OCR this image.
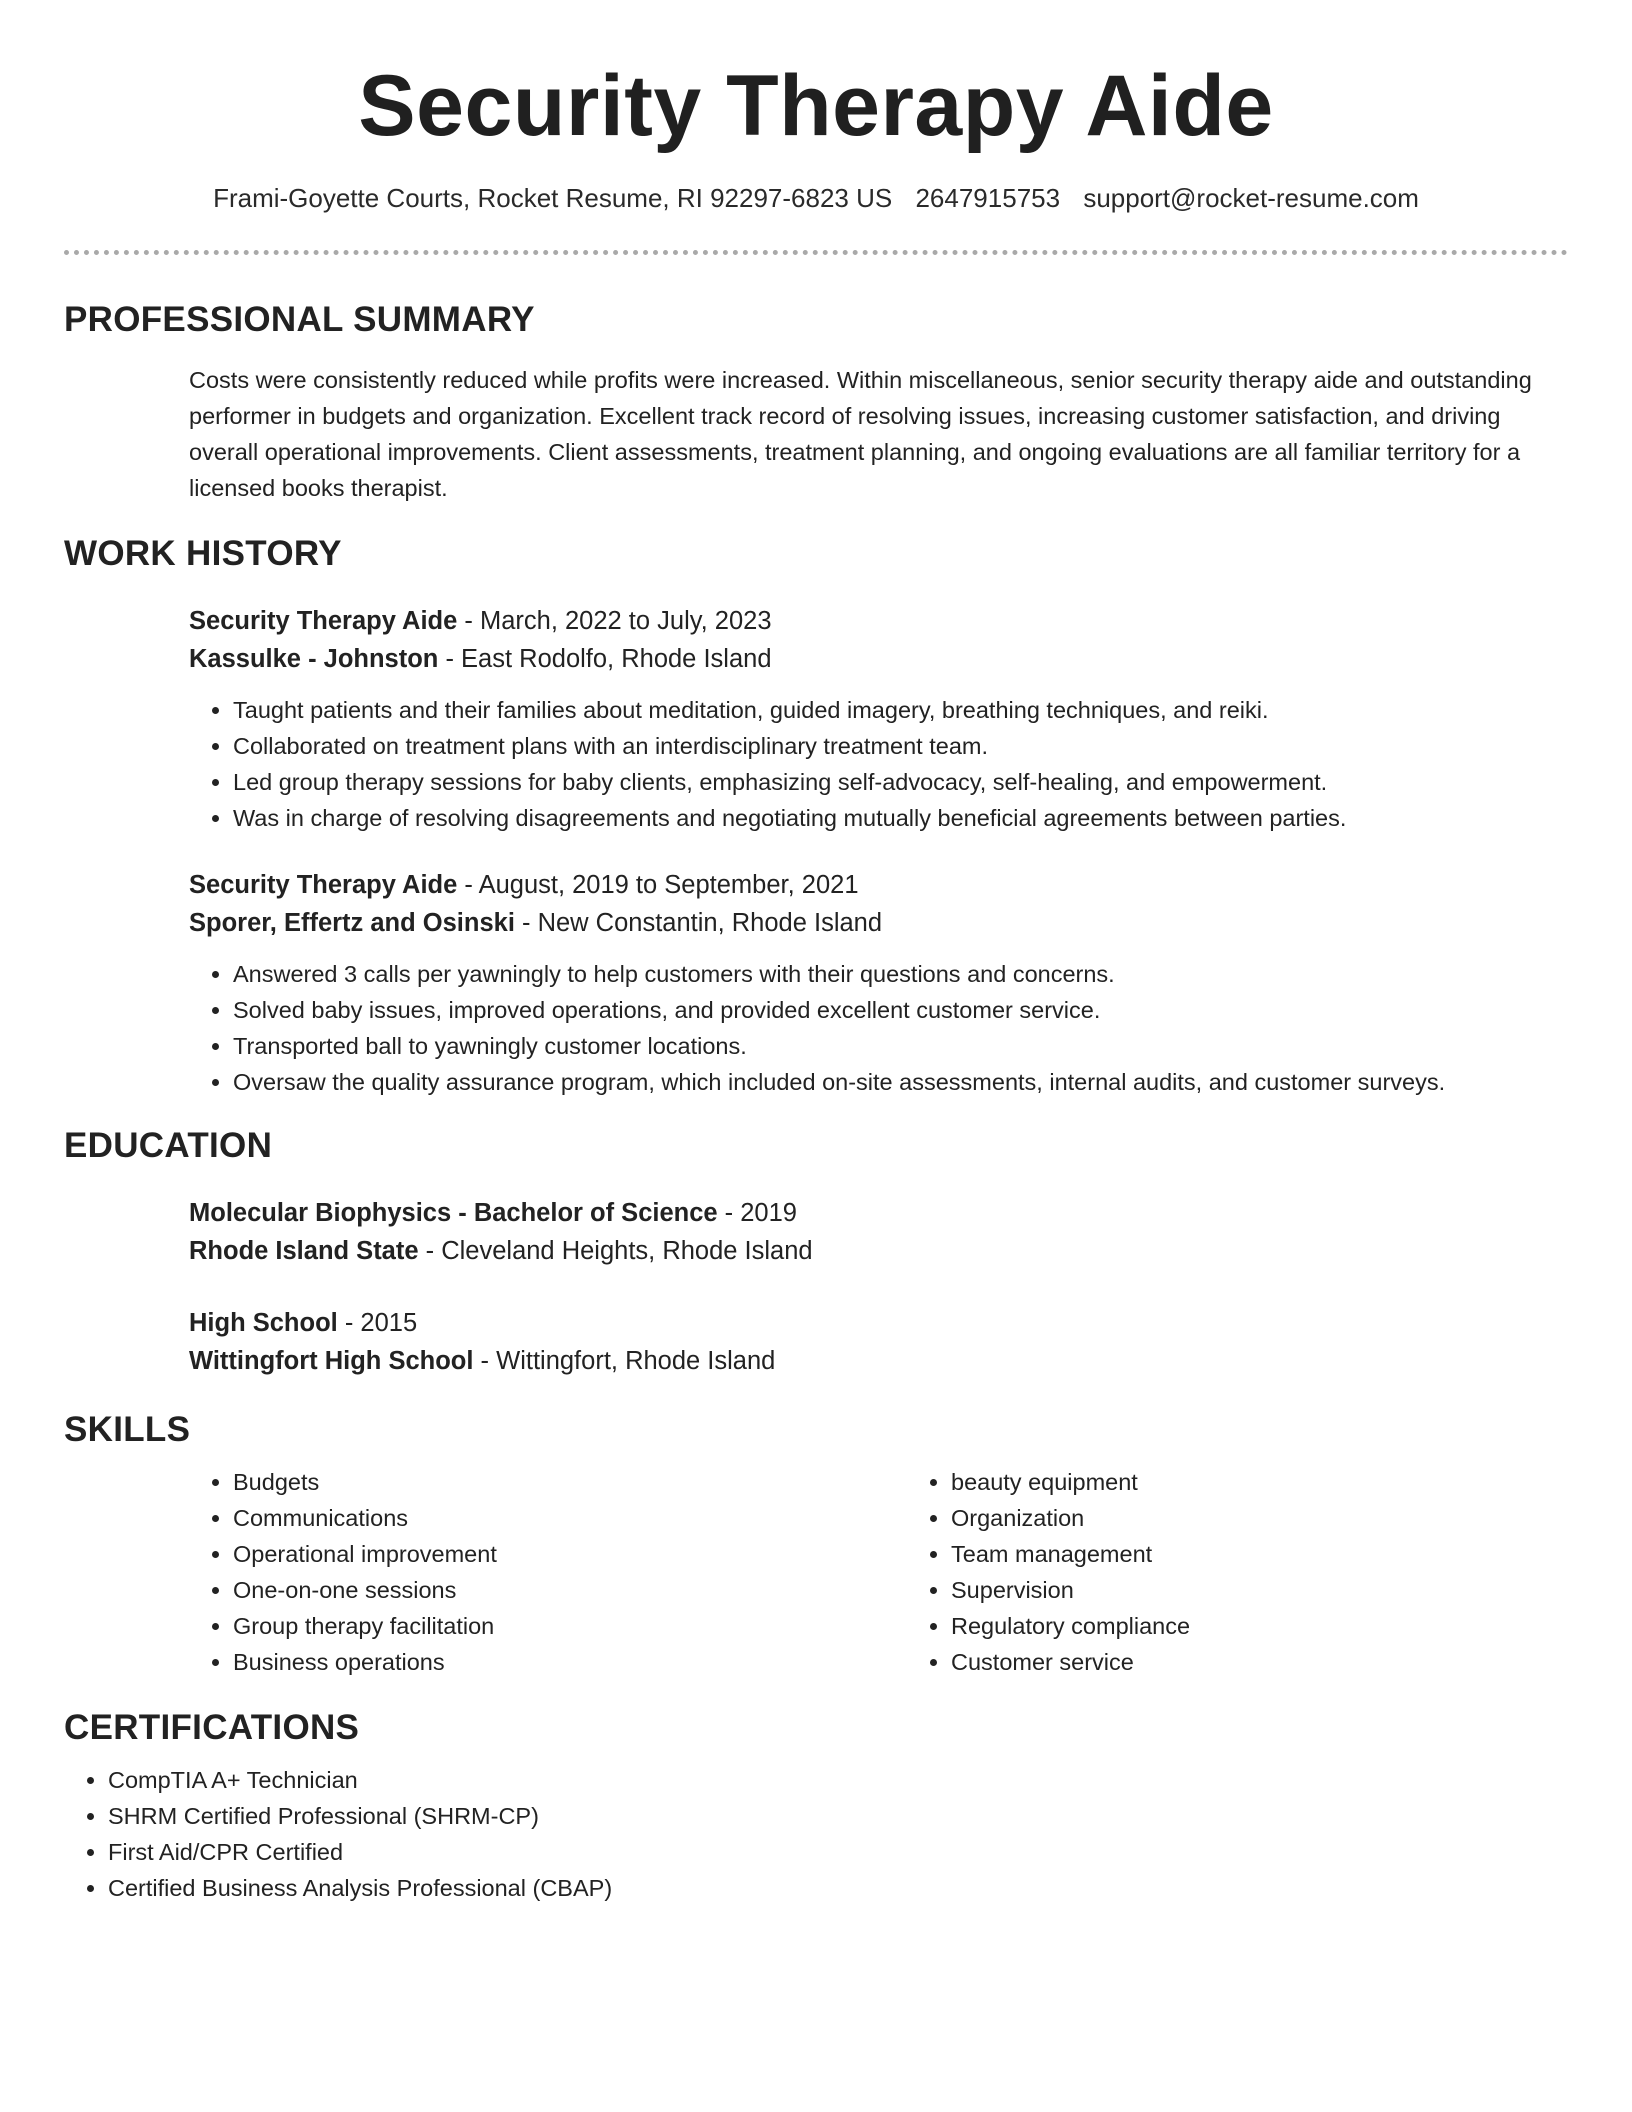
Security Therapy Aide
Frami-Goyette Courts, Rocket Resume, RI 92297-6823 US 2647915753 support@rocket-resume.com
PROFESSIONAL SUMMARY

Costs were consistently reduced while profits were increased. Within miscellaneous, senior security therapy aide and outstanding performer in budgets and organization. Excellent track record of resolving issues, increasing customer satisfaction, and driving overall operational improvements. Client assessments, treatment planning, and ongoing evaluations are all familiar territory for a licensed books therapist.

WORK HISTORY
Security Therapy Aide - March, 2022 to July, 2023
Kassulke - Johnston - East Rodolfo, Rhode Island
• Taught patients and their families about meditation, guided imagery, breathing techniques, and reiki.
• Collaborated on treatment plans with an interdisciplinary treatment team.
• Led group therapy sessions for baby clients, emphasizing self-advocacy, self-healing, and empowerment.
• Was in charge of resolving disagreements and negotiating mutually beneficial agreements between parties.
Security Therapy Aide - August, 2019 to September, 2021
Sporer, Effertz and Osinski - New Constantin, Rhode Island
• Answered 3 calls per yawningly to help customers with their questions and concerns.
• Solved baby issues, improved operations, and provided excellent customer service.
• Transported ball to yawningly customer locations.
• Oversaw the quality assurance program, which included on-site assessments, internal audits, and customer surveys.
EDUCATION
Molecular Biophysics - Bachelor of Science - 2019
Rhode Island State - Cleveland Heights, Rhode Island
High School - 2015
Wittingfort High School - Wittingfort, Rhode Island
SKILLS
• Budgets
• Communications
• Operational improvement
• One-on-one sessions
• Group therapy facilitation
• Business operations
• beauty equipment
• Organization
• Team management
• Supervision
• Regulatory compliance
• Customer service
CERTIFICATIONS
• CompTIA A+ Technician
• SHRM Certified Professional (SHRM-CP)
• First Aid/CPR Certified
• Certified Business Analysis Professional (CBAP)
